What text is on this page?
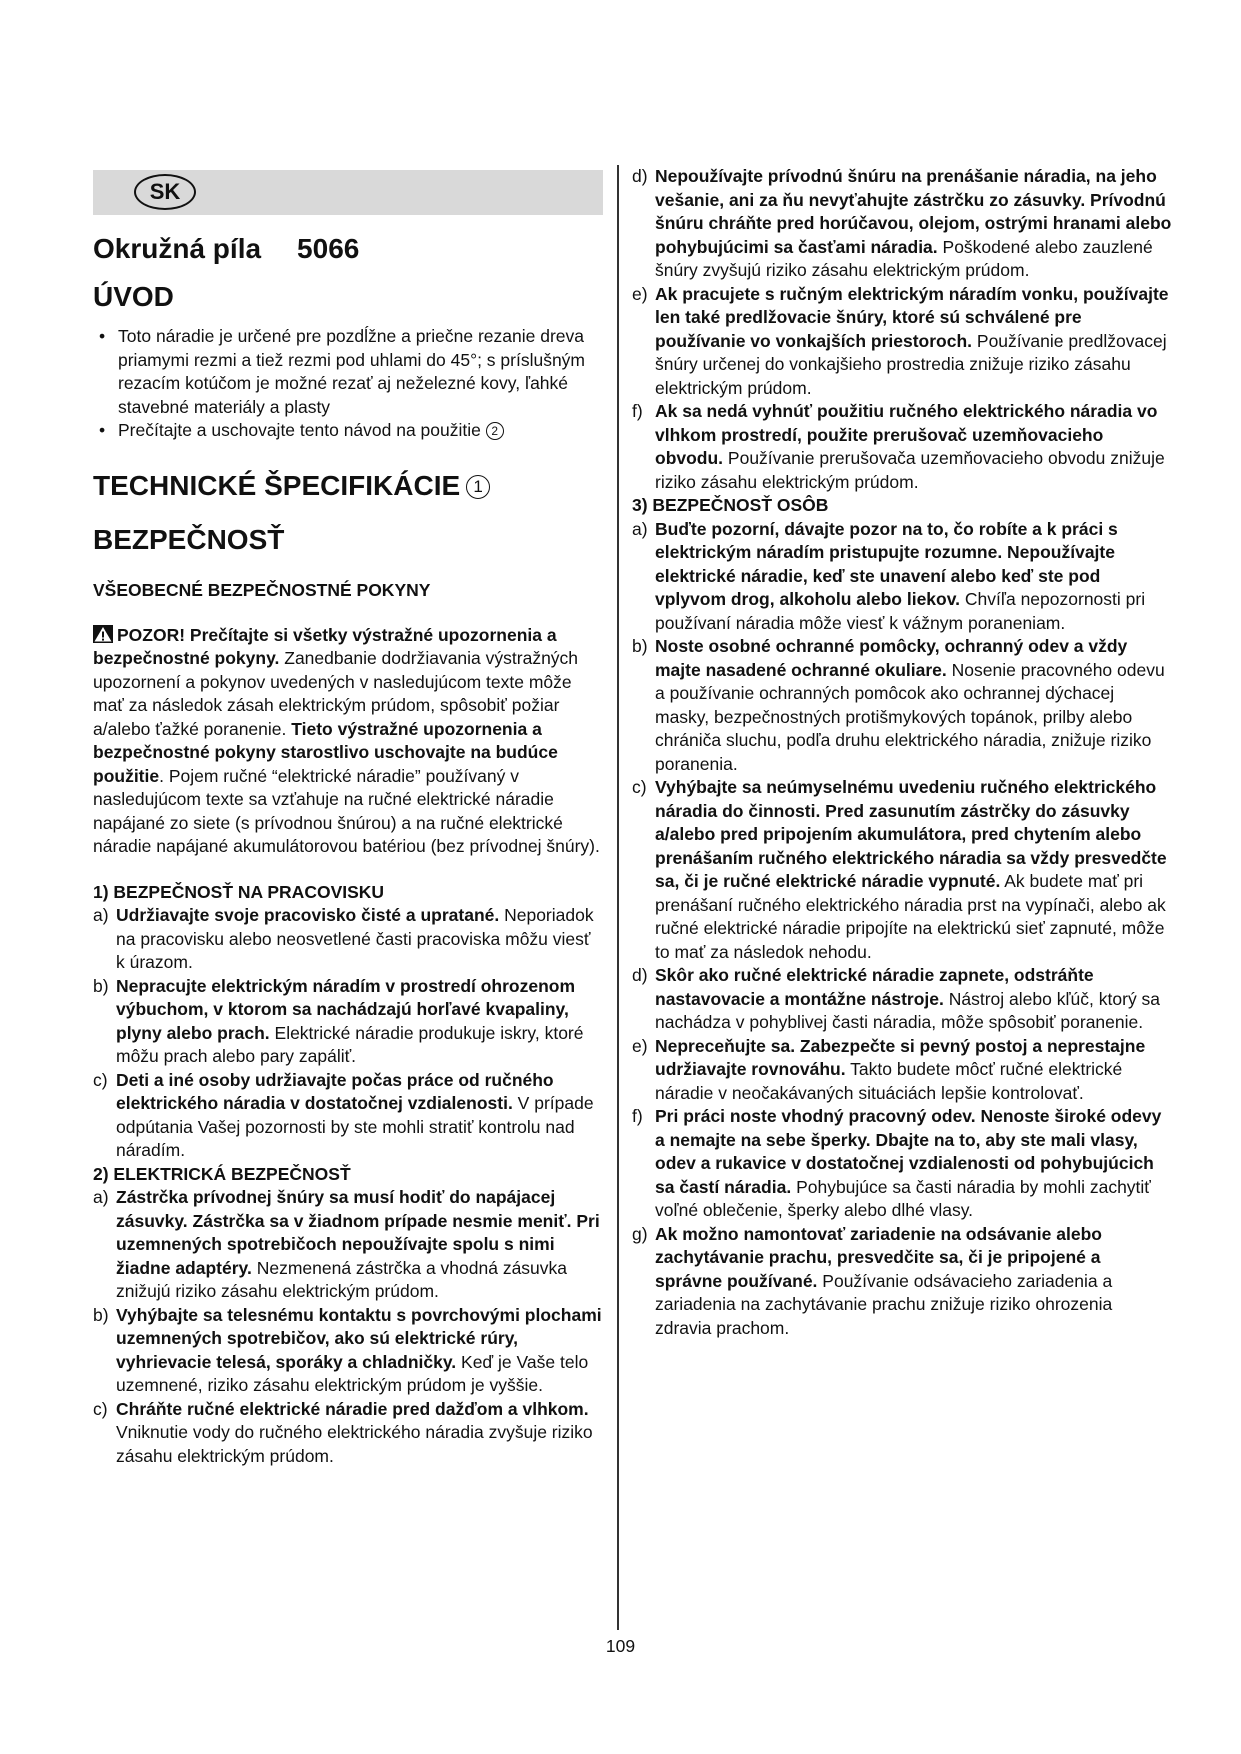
SK
Okružná píla 5066
ÚVOD
• Toto náradie je určené pre pozdĺžne a priečne rezanie dreva priamymi rezmi a tiež rezmi pod uhlami do 45°; s príslušným rezacím kotúčom je možné rezať aj neželezné kovy, ľahké stavebné materiály a plasty
• Prečítajte a uschovajte tento návod na použitie 2
TECHNICKÉ ŠPECIFIKÁCIE 1
BEZPEČNOSŤ
VŠEOBECNÉ BEZPEČNOSTNÉ POKYNY

POZOR! Prečítajte si všetky výstražné upozornenia a bezpečnostné pokyny. Zanedbanie dodržiavania výstražných upozornení a pokynov uvedených v nasledujúcom texte môže mať za následok zásah elektrickým prúdom, spôsobiť požiar a/alebo ťažké poranenie. Tieto výstražné upozornenia a bezpečnostné pokyny starostlivo uschovajte na budúce použitie. Pojem ručné “elektrické náradie” používaný v nasledujúcom texte sa vzťahuje na ručné elektrické náradie napájané zo siete (s prívodnou šnúrou) a na ručné elektrické náradie napájané akumulátorovou batériou (bez prívodnej šnúry).

1) BEZPEČNOSŤ NA PRACOVISKU
a) Udržiavajte svoje pracovisko čisté a upratané. Neporiadok na pracovisku alebo neosvetlené časti pracoviska môžu viesť k úrazom.
b) Nepracujte elektrickým náradím v prostredí ohrozenom výbuchom, v ktorom sa nachádzajú horľavé kvapaliny, plyny alebo prach. Elektrické náradie produkuje iskry, ktoré môžu prach alebo pary zapáliť.
c) Deti a iné osoby udržiavajte počas práce od ručného elektrického náradia v dostatočnej vzdialenosti. V prípade odpútania Vašej pozornosti by ste mohli stratiť kontrolu nad náradím.
2) ELEKTRICKÁ BEZPEČNOSŤ
a) Zástrčka prívodnej šnúry sa musí hodiť do napájacej zásuvky. Zástrčka sa v žiadnom prípade nesmie meniť. Pri uzemnených spotrebičoch nepoužívajte spolu s nimi žiadne adaptéry. Nezmenená zástrčka a vhodná zásuvka znižujú riziko zásahu elektrickým prúdom.
b) Vyhýbajte sa telesnému kontaktu s povrchovými plochami uzemnených spotrebičov, ako sú elektrické rúry, vyhrievacie telesá, sporáky a chladničky. Keď je Vaše telo uzemnené, riziko zásahu elektrickým prúdom je vyššie.
c) Chráňte ručné elektrické náradie pred dažďom a vlhkom. Vniknutie vody do ručného elektrického náradia zvyšuje riziko zásahu elektrickým prúdom.
d) Nepoužívajte prívodnú šnúru na prenášanie náradia, na jeho vešanie, ani za ňu nevyťahujte zástrčku zo zásuvky. Prívodnú šnúru chráňte pred horúčavou, olejom, ostrými hranami alebo pohybujúcimi sa časťami náradia. Poškodené alebo zauzlené šnúry zvyšujú riziko zásahu elektrickým prúdom.
e) Ak pracujete s ručným elektrickým náradím vonku, používajte len také predlžovacie šnúry, ktoré sú schválené pre používanie vo vonkajších priestoroch. Používanie predlžovacej šnúry určenej do vonkajšieho prostredia znižuje riziko zásahu elektrickým prúdom.
f) Ak sa nedá vyhnúť použitiu ručného elektrického náradia vo vlhkom prostredí, použite prerušovač uzemňovacieho obvodu. Používanie prerušovača uzemňovacieho obvodu znižuje riziko zásahu elektrickým prúdom.
3) BEZPEČNOSŤ OSÔB
a) Buďte pozorní, dávajte pozor na to, čo robíte a k práci s elektrickým náradím pristupujte rozumne. Nepoužívajte elektrické náradie, keď ste unavení alebo keď ste pod vplyvom drog, alkoholu alebo liekov. Chvíľa nepozornosti pri používaní náradia môže viesť k vážnym poraneniam.
b) Noste osobné ochranné pomôcky, ochranný odev a vždy majte nasadené ochranné okuliare. Nosenie pracovného odevu a používanie ochranných pomôcok ako ochrannej dýchacej masky, bezpečnostných protišmykových topánok, prilby alebo chrániča sluchu, podľa druhu elektrického náradia, znižuje riziko poranenia.
c) Vyhýbajte sa neúmyselnému uvedeniu ručného elektrického náradia do činnosti. Pred zasunutím zástrčky do zásuvky a/alebo pred pripojením akumulátora, pred chytením alebo prenášaním ručného elektrického náradia sa vždy presvedčte sa, či je ručné elektrické náradie vypnuté. Ak budete mať pri prenášaní ručného elektrického náradia prst na vypínači, alebo ak ručné elektrické náradie pripojíte na elektrickú sieť zapnuté, môže to mať za následok nehodu.
d) Skôr ako ručné elektrické náradie zapnete, odstráňte nastavovacie a montážne nástroje. Nástroj alebo kľúč, ktorý sa nachádza v pohyblivej časti náradia, môže spôsobiť poranenie.
e) Nepreceňujte sa. Zabezpečte si pevný postoj a neprestajne udržiavajte rovnováhu. Takto budete môcť ručné elektrické náradie v neočakávaných situáciách lepšie kontrolovať.
f) Pri práci noste vhodný pracovný odev. Nenoste široké odevy a nemajte na sebe šperky. Dbajte na to, aby ste mali vlasy, odev a rukavice v dostatočnej vzdialenosti od pohybujúcich sa častí náradia. Pohybujúce sa časti náradia by mohli zachytiť voľné oblečenie, šperky alebo dlhé vlasy.
g) Ak možno namontovať zariadenie na odsávanie alebo zachytávanie prachu, presvedčite sa, či je pripojené a správne používané. Používanie odsávacieho zariadenia a zariadenia na zachytávanie prachu znižuje riziko ohrozenia zdravia prachom.
109
